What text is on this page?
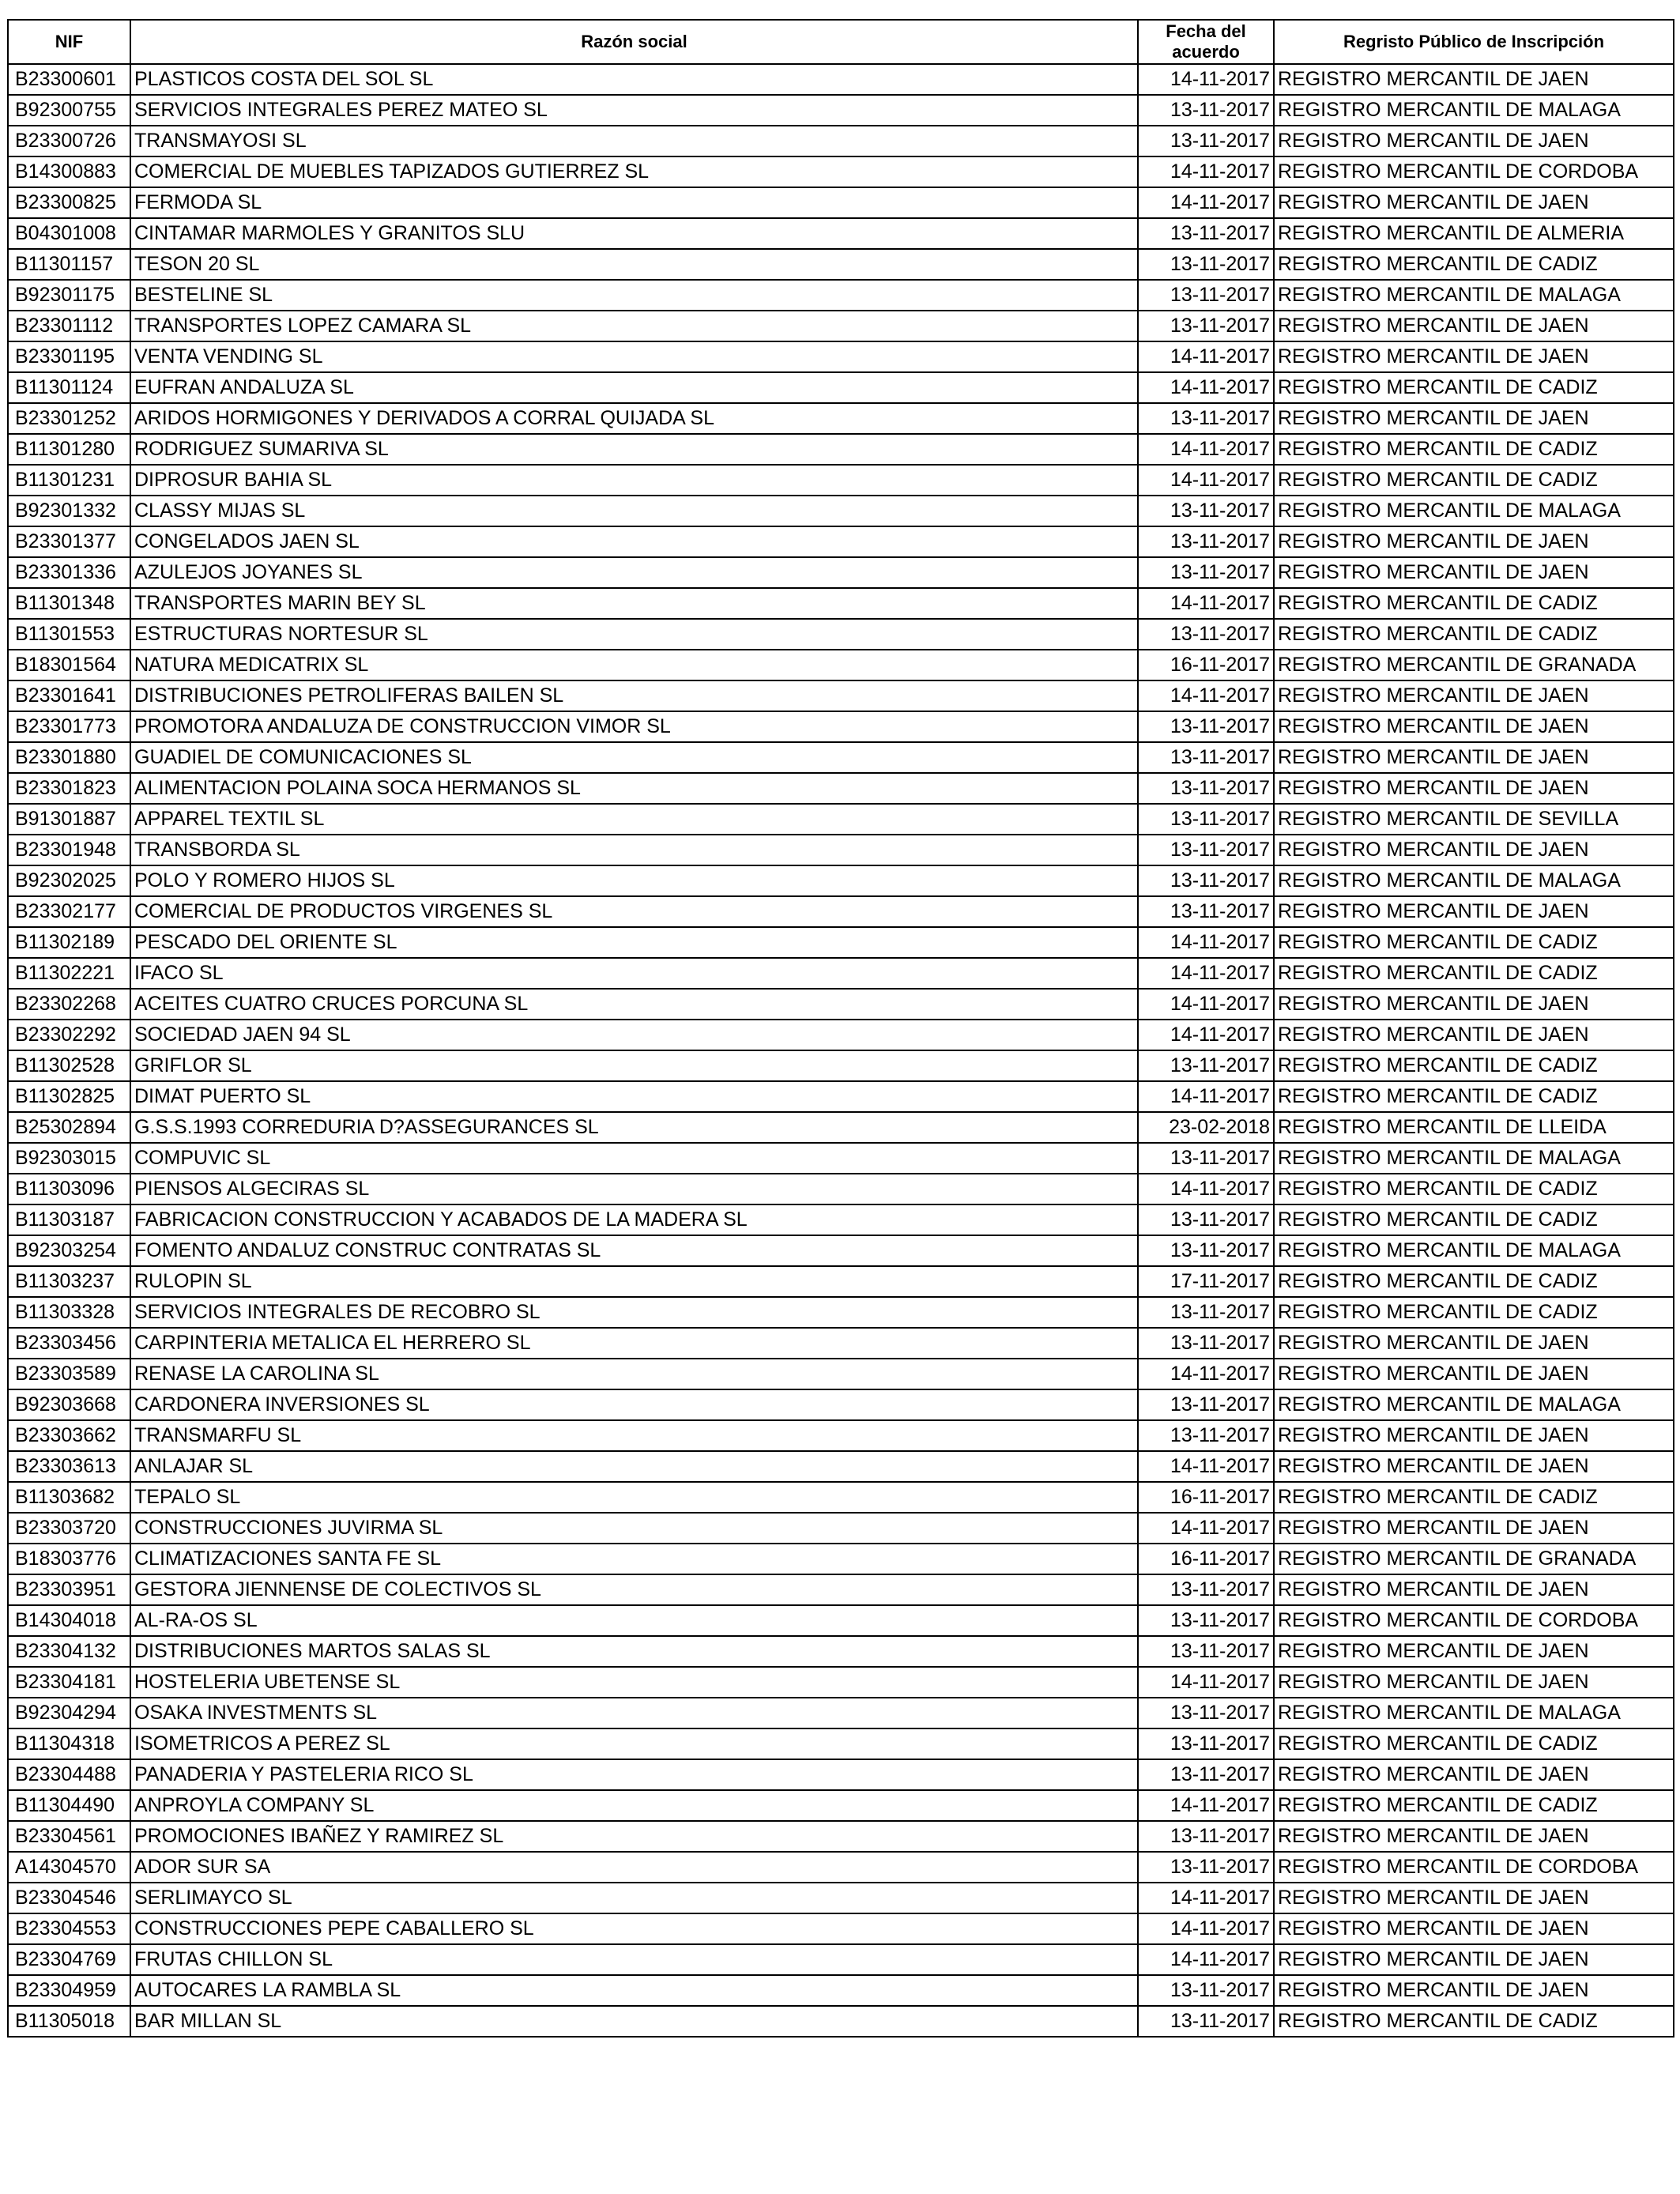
NIF	Razón social	Fecha del acuerdo	Regristo Público de Inscripción
B23300601	PLASTICOS COSTA DEL SOL SL	14-11-2017	REGISTRO MERCANTIL DE JAEN
B92300755	SERVICIOS INTEGRALES PEREZ MATEO SL	13-11-2017	REGISTRO MERCANTIL DE MALAGA
B23300726	TRANSMAYOSI SL	13-11-2017	REGISTRO MERCANTIL DE JAEN
B14300883	COMERCIAL DE MUEBLES TAPIZADOS GUTIERREZ SL	14-11-2017	REGISTRO MERCANTIL DE CORDOBA
B23300825	FERMODA SL	14-11-2017	REGISTRO MERCANTIL DE JAEN
B04301008	CINTAMAR MARMOLES Y GRANITOS SLU	13-11-2017	REGISTRO MERCANTIL DE ALMERIA
B11301157	TESON 20 SL	13-11-2017	REGISTRO MERCANTIL DE CADIZ
B92301175	BESTELINE SL	13-11-2017	REGISTRO MERCANTIL DE MALAGA
B23301112	TRANSPORTES LOPEZ CAMARA SL	13-11-2017	REGISTRO MERCANTIL DE JAEN
B23301195	VENTA VENDING SL	14-11-2017	REGISTRO MERCANTIL DE JAEN
B11301124	EUFRAN ANDALUZA SL	14-11-2017	REGISTRO MERCANTIL DE CADIZ
B23301252	ARIDOS HORMIGONES Y DERIVADOS A CORRAL QUIJADA SL	13-11-2017	REGISTRO MERCANTIL DE JAEN
B11301280	RODRIGUEZ SUMARIVA SL	14-11-2017	REGISTRO MERCANTIL DE CADIZ
B11301231	DIPROSUR BAHIA SL	14-11-2017	REGISTRO MERCANTIL DE CADIZ
B92301332	CLASSY MIJAS SL	13-11-2017	REGISTRO MERCANTIL DE MALAGA
B23301377	CONGELADOS JAEN SL	13-11-2017	REGISTRO MERCANTIL DE JAEN
B23301336	AZULEJOS JOYANES SL	13-11-2017	REGISTRO MERCANTIL DE JAEN
B11301348	TRANSPORTES MARIN BEY SL	14-11-2017	REGISTRO MERCANTIL DE CADIZ
B11301553	ESTRUCTURAS NORTESUR SL	13-11-2017	REGISTRO MERCANTIL DE CADIZ
B18301564	NATURA MEDICATRIX SL	16-11-2017	REGISTRO MERCANTIL DE GRANADA
B23301641	DISTRIBUCIONES PETROLIFERAS BAILEN SL	14-11-2017	REGISTRO MERCANTIL DE JAEN
B23301773	PROMOTORA ANDALUZA DE CONSTRUCCION VIMOR SL	13-11-2017	REGISTRO MERCANTIL DE JAEN
B23301880	GUADIEL DE COMUNICACIONES SL	13-11-2017	REGISTRO MERCANTIL DE JAEN
B23301823	ALIMENTACION POLAINA SOCA HERMANOS SL	13-11-2017	REGISTRO MERCANTIL DE JAEN
B91301887	APPAREL TEXTIL SL	13-11-2017	REGISTRO MERCANTIL DE SEVILLA
B23301948	TRANSBORDA SL	13-11-2017	REGISTRO MERCANTIL DE JAEN
B92302025	POLO Y ROMERO HIJOS SL	13-11-2017	REGISTRO MERCANTIL DE MALAGA
B23302177	COMERCIAL DE PRODUCTOS VIRGENES SL	13-11-2017	REGISTRO MERCANTIL DE JAEN
B11302189	PESCADO DEL ORIENTE SL	14-11-2017	REGISTRO MERCANTIL DE CADIZ
B11302221	IFACO SL	14-11-2017	REGISTRO MERCANTIL DE CADIZ
B23302268	ACEITES CUATRO CRUCES PORCUNA SL	14-11-2017	REGISTRO MERCANTIL DE JAEN
B23302292	SOCIEDAD JAEN 94 SL	14-11-2017	REGISTRO MERCANTIL DE JAEN
B11302528	GRIFLOR SL	13-11-2017	REGISTRO MERCANTIL DE CADIZ
B11302825	DIMAT PUERTO SL	14-11-2017	REGISTRO MERCANTIL DE CADIZ
B25302894	G.S.S.1993 CORREDURIA D?ASSEGURANCES SL	23-02-2018	REGISTRO MERCANTIL DE LLEIDA
B92303015	COMPUVIC SL	13-11-2017	REGISTRO MERCANTIL DE MALAGA
B11303096	PIENSOS ALGECIRAS SL	14-11-2017	REGISTRO MERCANTIL DE CADIZ
B11303187	FABRICACION CONSTRUCCION Y ACABADOS DE LA MADERA SL	13-11-2017	REGISTRO MERCANTIL DE CADIZ
B92303254	FOMENTO ANDALUZ CONSTRUC CONTRATAS SL	13-11-2017	REGISTRO MERCANTIL DE MALAGA
B11303237	RULOPIN SL	17-11-2017	REGISTRO MERCANTIL DE CADIZ
B11303328	SERVICIOS INTEGRALES DE RECOBRO SL	13-11-2017	REGISTRO MERCANTIL DE CADIZ
B23303456	CARPINTERIA METALICA EL HERRERO SL	13-11-2017	REGISTRO MERCANTIL DE JAEN
B23303589	RENASE LA CAROLINA SL	14-11-2017	REGISTRO MERCANTIL DE JAEN
B92303668	CARDONERA INVERSIONES SL	13-11-2017	REGISTRO MERCANTIL DE MALAGA
B23303662	TRANSMARFU SL	13-11-2017	REGISTRO MERCANTIL DE JAEN
B23303613	ANLAJAR SL	14-11-2017	REGISTRO MERCANTIL DE JAEN
B11303682	TEPALO SL	16-11-2017	REGISTRO MERCANTIL DE CADIZ
B23303720	CONSTRUCCIONES JUVIRMA SL	14-11-2017	REGISTRO MERCANTIL DE JAEN
B18303776	CLIMATIZACIONES SANTA FE SL	16-11-2017	REGISTRO MERCANTIL DE GRANADA
B23303951	GESTORA JIENNENSE DE COLECTIVOS SL	13-11-2017	REGISTRO MERCANTIL DE JAEN
B14304018	AL-RA-OS SL	13-11-2017	REGISTRO MERCANTIL DE CORDOBA
B23304132	DISTRIBUCIONES MARTOS SALAS SL	13-11-2017	REGISTRO MERCANTIL DE JAEN
B23304181	HOSTELERIA UBETENSE SL	14-11-2017	REGISTRO MERCANTIL DE JAEN
B92304294	OSAKA INVESTMENTS SL	13-11-2017	REGISTRO MERCANTIL DE MALAGA
B11304318	ISOMETRICOS A PEREZ SL	13-11-2017	REGISTRO MERCANTIL DE CADIZ
B23304488	PANADERIA Y PASTELERIA RICO SL	13-11-2017	REGISTRO MERCANTIL DE JAEN
B11304490	ANPROYLA COMPANY SL	14-11-2017	REGISTRO MERCANTIL DE CADIZ
B23304561	PROMOCIONES IBAÑEZ Y RAMIREZ SL	13-11-2017	REGISTRO MERCANTIL DE JAEN
A14304570	ADOR SUR SA	13-11-2017	REGISTRO MERCANTIL DE CORDOBA
B23304546	SERLIMAYCO SL	14-11-2017	REGISTRO MERCANTIL DE JAEN
B23304553	CONSTRUCCIONES PEPE CABALLERO SL	14-11-2017	REGISTRO MERCANTIL DE JAEN
B23304769	FRUTAS CHILLON SL	14-11-2017	REGISTRO MERCANTIL DE JAEN
B23304959	AUTOCARES LA RAMBLA SL	13-11-2017	REGISTRO MERCANTIL DE JAEN
B11305018	BAR MILLAN SL	13-11-2017	REGISTRO MERCANTIL DE CADIZ
